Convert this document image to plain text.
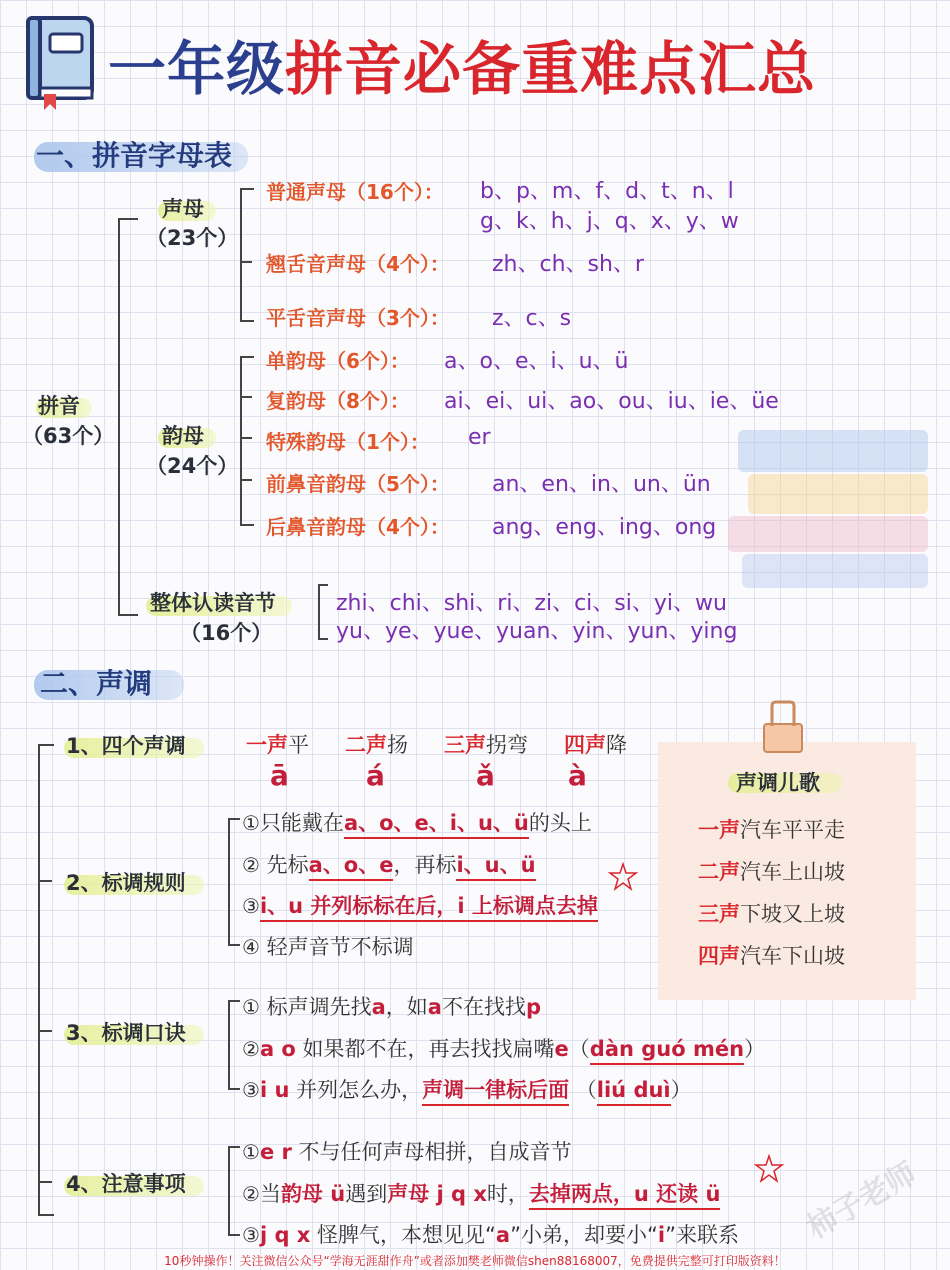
一年级拼音必备重难点汇总
一、拼音字母表
拼音
（63个）
声母
（23个）
普通声母（16个）： b、p、m、f、d、t、n、l
g、k、h、j、q、x、y、w
翘舌音声母（4个）： zh、ch、sh、r
平舌音声母（3个）： z、c、s
韵母
（24个）
单韵母（6个）： a、o、e、i、u、ü
复韵母（8个）： ai、ei、ui、ao、ou、iu、ie、üe
特殊韵母（1个）： er
前鼻音韵母（5个）： an、en、in、un、ün
后鼻音韵母（4个）： ang、eng、ing、ong
整体认读音节
（16个）
zhi、chi、shi、ri、zi、ci、si、yi、wu
yu、ye、yue、yuan、yin、yun、ying
二、声调
1、四个声调	一声平 二声扬 三声拐弯 四声降
ā	á	ǎ	à
2、标调规则
①只能戴在a、o、e、i、u、ü的头上
② 先标a、o、e，再标i、u、ü
③i、u 并列标标在后，i 上标调点去掉
④ 轻声音节不标调
声调儿歌
一声汽车平平走
二声汽车上山坡
三声下坡又上坡
四声汽车下山坡
3、标调口诀
① 标声调先找a，如a不在找找p
②a o 如果都不在，再去找找扁嘴e（dàn guó mén）
③i u 并列怎么办，声调一律标后面 （liú duì）
4、注意事项
①e r 不与任何声母相拼，自成音节
②当韵母 ü遇到声母 j q x时，去掉两点，u 还读 ü
③j q x 怪脾气，本想见见“a”小弟，却要小“i”来联系 柿子老师
10秒钟操作！关注微信公众号“学海无涯甜作舟”或者添加樊老师微信shen88168007，免费提供完整可打印版资料！
